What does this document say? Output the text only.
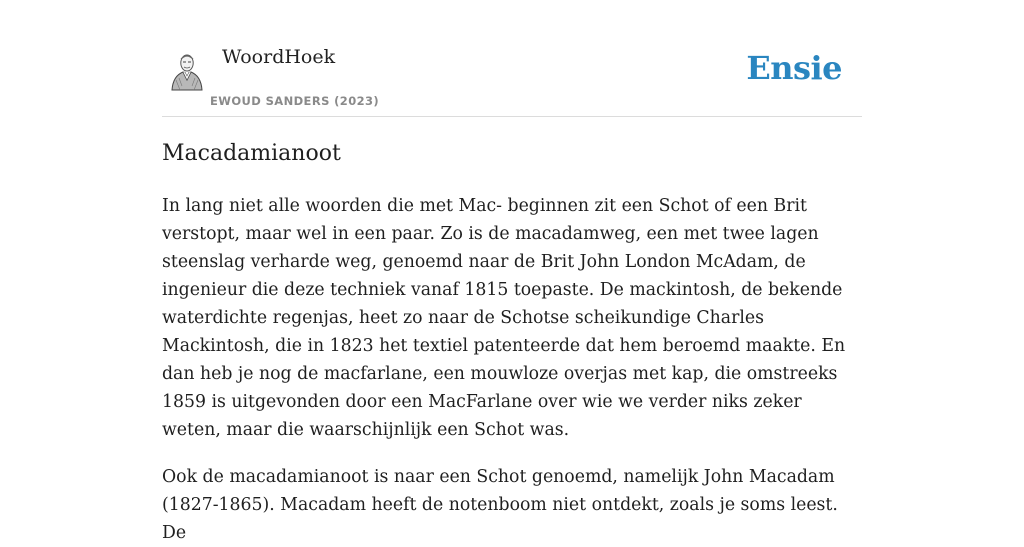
WoordHoek
EWOUD SANDERS (2023)
Ensie
Macadamianoot

In lang niet alle woorden die met Mac- beginnen zit een Schot of een Brit verstopt, maar wel in een paar. Zo is de macadamweg, een met twee lagen steenslag verharde weg, genoemd naar de Brit John London McAdam, de ingenieur die deze techniek vanaf 1815 toepaste. De mackintosh, de bekende waterdichte regenjas, heet zo naar de Schotse scheikundige Charles Mackintosh, die in 1823 het textiel patenteerde dat hem beroemd maakte. En dan heb je nog de macfarlane, een mouwloze overjas met kap, die omstreeks 1859 is uitgevonden door een MacFarlane over wie we verder niks zeker weten, maar die waarschijnlijk een Schot was.

Ook de macadamianoot is naar een Schot genoemd, namelijk John Macadam (1827-1865). Macadam heeft de notenboom niet ontdekt, zoals je soms leest. De
